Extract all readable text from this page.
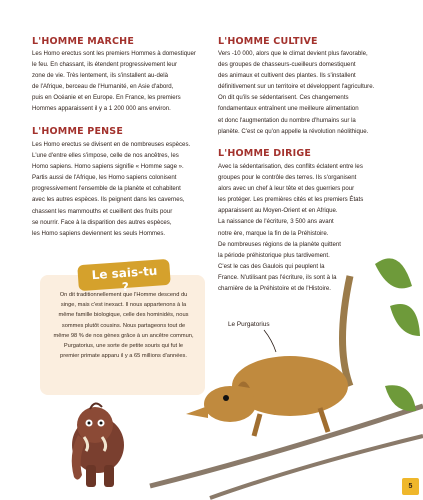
L'HOMME MARCHE
Les Homo erectus sont les premiers Hommes à domestiquer
le feu. En chassant, ils étendent progressivement leur
zone de vie. Très lentement, ils s'installent au-delà
de l'Afrique, berceau de l'Humanité, en Asie d'abord,
puis en Océanie et en Europe. En France, les premiers
Hommes apparaissent il y a 1 200 000 ans environ.
L'HOMME PENSE
Les Homo erectus se divisent en de nombreuses espèces.
L'une d'entre elles s'impose, celle de nos ancêtres, les
Homo sapiens. Homo sapiens signifie « Homme sage ».
Partis aussi de l'Afrique, les Homo sapiens colonisent
progressivement l'ensemble de la planète et cohabitent
avec les autres espèces. Ils peignent dans les cavernes,
chassent les mammouths et cueillent des fruits pour
se nourrir. Face à la disparition des autres espèces,
les Homo sapiens deviennent les seuls Hommes.
L'HOMME CULTIVE
Vers -10 000, alors que le climat devient plus favorable,
des groupes de chasseurs-cueilleurs domestiquent
des animaux et cultivent des plantes. Ils s'installent
définitivement sur un territoire et développent l'agriculture.
On dit qu'ils se sédentarisent. Ces changements
fondamentaux entraînent une meilleure alimentation
et donc l'augmentation du nombre d'humains sur la
planète. C'est ce qu'on appelle la révolution néolithique.
L'HOMME DIRIGE
Avec la sédentarisation, des conflits éclatent entre les
groupes pour le contrôle des terres. Ils s'organisent
alors avec un chef à leur tête et des guerriers pour
les protéger. Les premières cités et les premiers États
apparaissent au Moyen-Orient et en Afrique.
La naissance de l'écriture, 3 500 ans avant
notre ère, marque la fin de la Préhistoire.
De nombreuses régions de la planète quittent
la période préhistorique plus tardivement.
C'est le cas des Gaulois qui peuplent la
France. N'utilisant pas l'écriture, ils sont à la
charnière de la Préhistoire et de l'Histoire.
Le sais-tu ?
On dit traditionnellement que l'Homme descend du
singe, mais c'est inexact. Il nous appartenons à la
même famille biologique, celle des hominidés, nous
sommes plutôt cousins. Nous partageons tout de
même 98 % de nos gènes grâce à un ancêtre commun,
Purgatorius, une sorte de petite souris qui fut le
premier primate apparu il y a 65 millions d'années.
Le Purgatorius
5
